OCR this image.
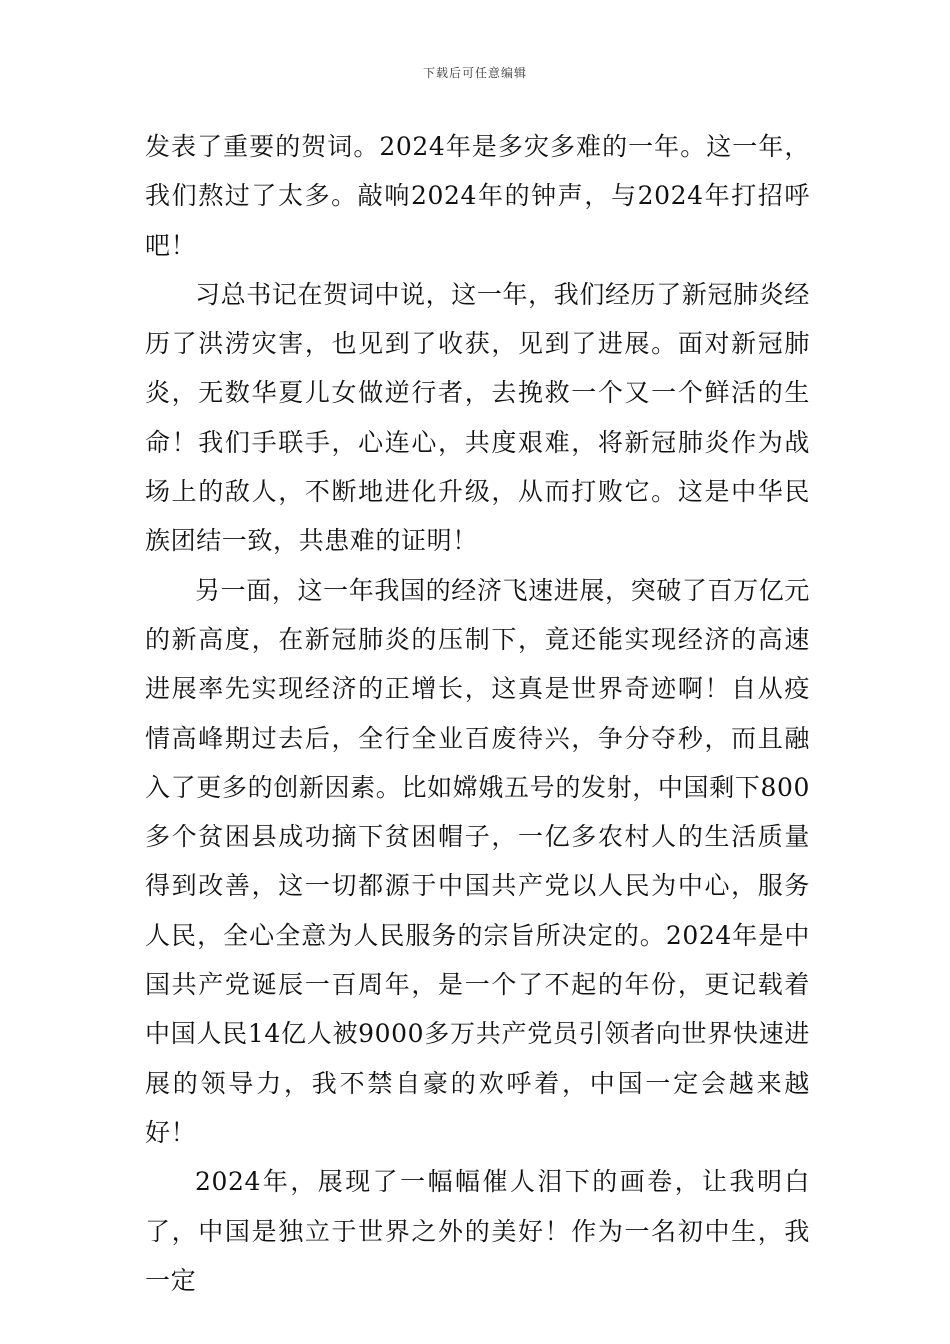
下载后可任意编辑

发表了重要的贺词。2024年是多灾多难的一年。这一年，我们熬过了太多。敲响2024年的钟声，与2024年打招呼吧！

习总书记在贺词中说，这一年，我们经历了新冠肺炎经历了洪涝灾害，也见到了收获，见到了进展。面对新冠肺炎，无数华夏儿女做逆行者，去挽救一个又一个鲜活的生命！我们手联手，心连心，共度艰难，将新冠肺炎作为战场上的敌人，不断地进化升级，从而打败它。这是中华民族团结一致，共患难的证明！

另一面，这一年我国的经济飞速进展，突破了百万亿元的新高度，在新冠肺炎的压制下，竟还能实现经济的高速进展率先实现经济的正增长，这真是世界奇迹啊！自从疫情高峰期过去后，全行全业百废待兴，争分夺秒，而且融入了更多的创新因素。比如嫦娥五号的发射，中国剩下800多个贫困县成功摘下贫困帽子，一亿多农村人的生活质量得到改善，这一切都源于中国共产党以人民为中心，服务人民，全心全意为人民服务的宗旨所决定的。2024年是中国共产党诞辰一百周年，是一个了不起的年份，更记载着中国人民14亿人被9000多万共产党员引领者向世界快速进展的领导力，我不禁自豪的欢呼着，中国一定会越来越好！

2024年，展现了一幅幅催人泪下的画卷，让我明白了，中国是独立于世界之外的美好！作为一名初中生，我一定
